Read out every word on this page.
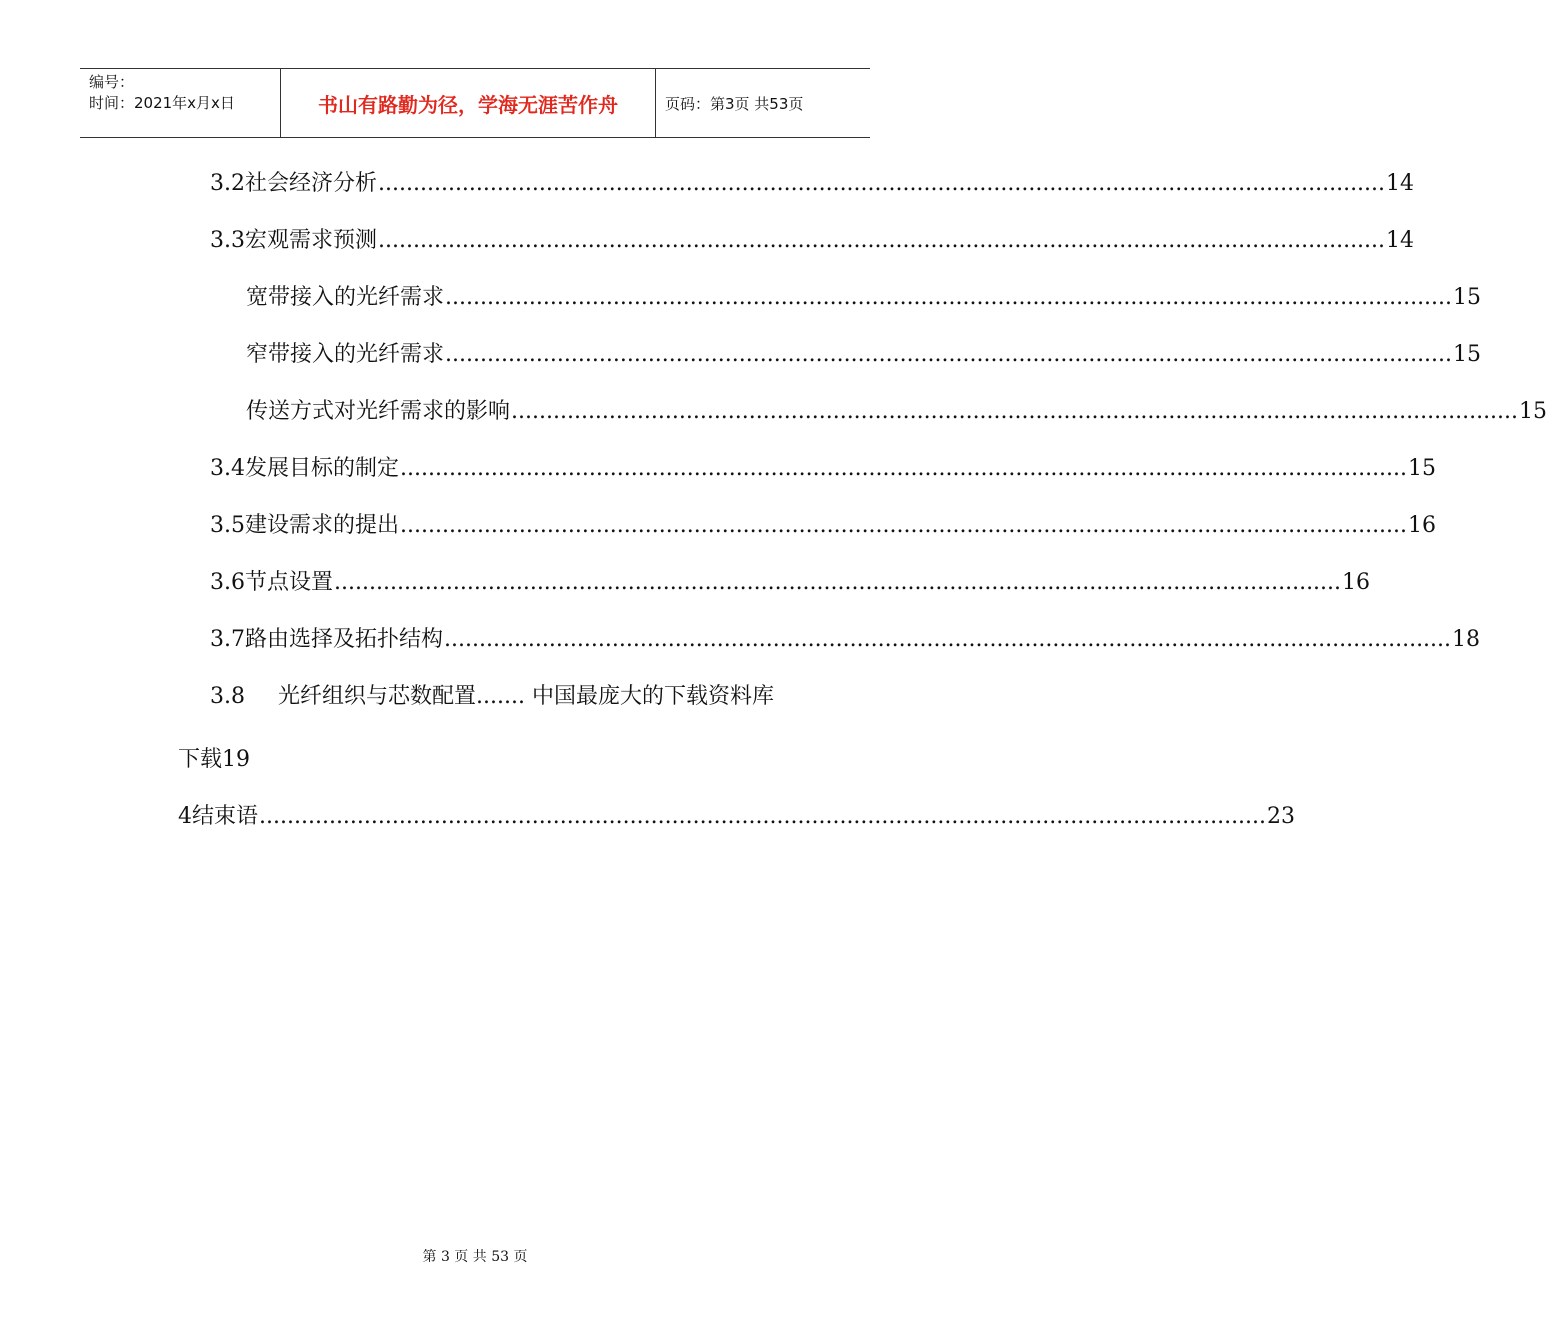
编号：
时间：2021年x月x日	书山有路勤为径，学海无涯苦作舟	页码：第3页 共53页
3.2 社会经济分析 ................................................................................................................................................ 14
3.3 宏观需求预测 ................................................................................................................................................ 14
宽带接入的光纤需求 ................................................................................................................................................ 15
窄带接入的光纤需求 ................................................................................................................................................ 15
传送方式对光纤需求的影响 ................................................................................................................................................ 15
3.4 发展目标的制定 ................................................................................................................................................ 15
3.5 建设需求的提出 ................................................................................................................................................ 16
3.6 节点设置 ................................................................................................................................................ 16
3.7 路由选择及拓扑结构 ................................................................................................................................................ 18
3.8	光纤组织与芯数配置....... 中国最庞大的下载资料库
下载19
4 结束语 ................................................................................................................................................ 23
第 3 页 共 53 页
